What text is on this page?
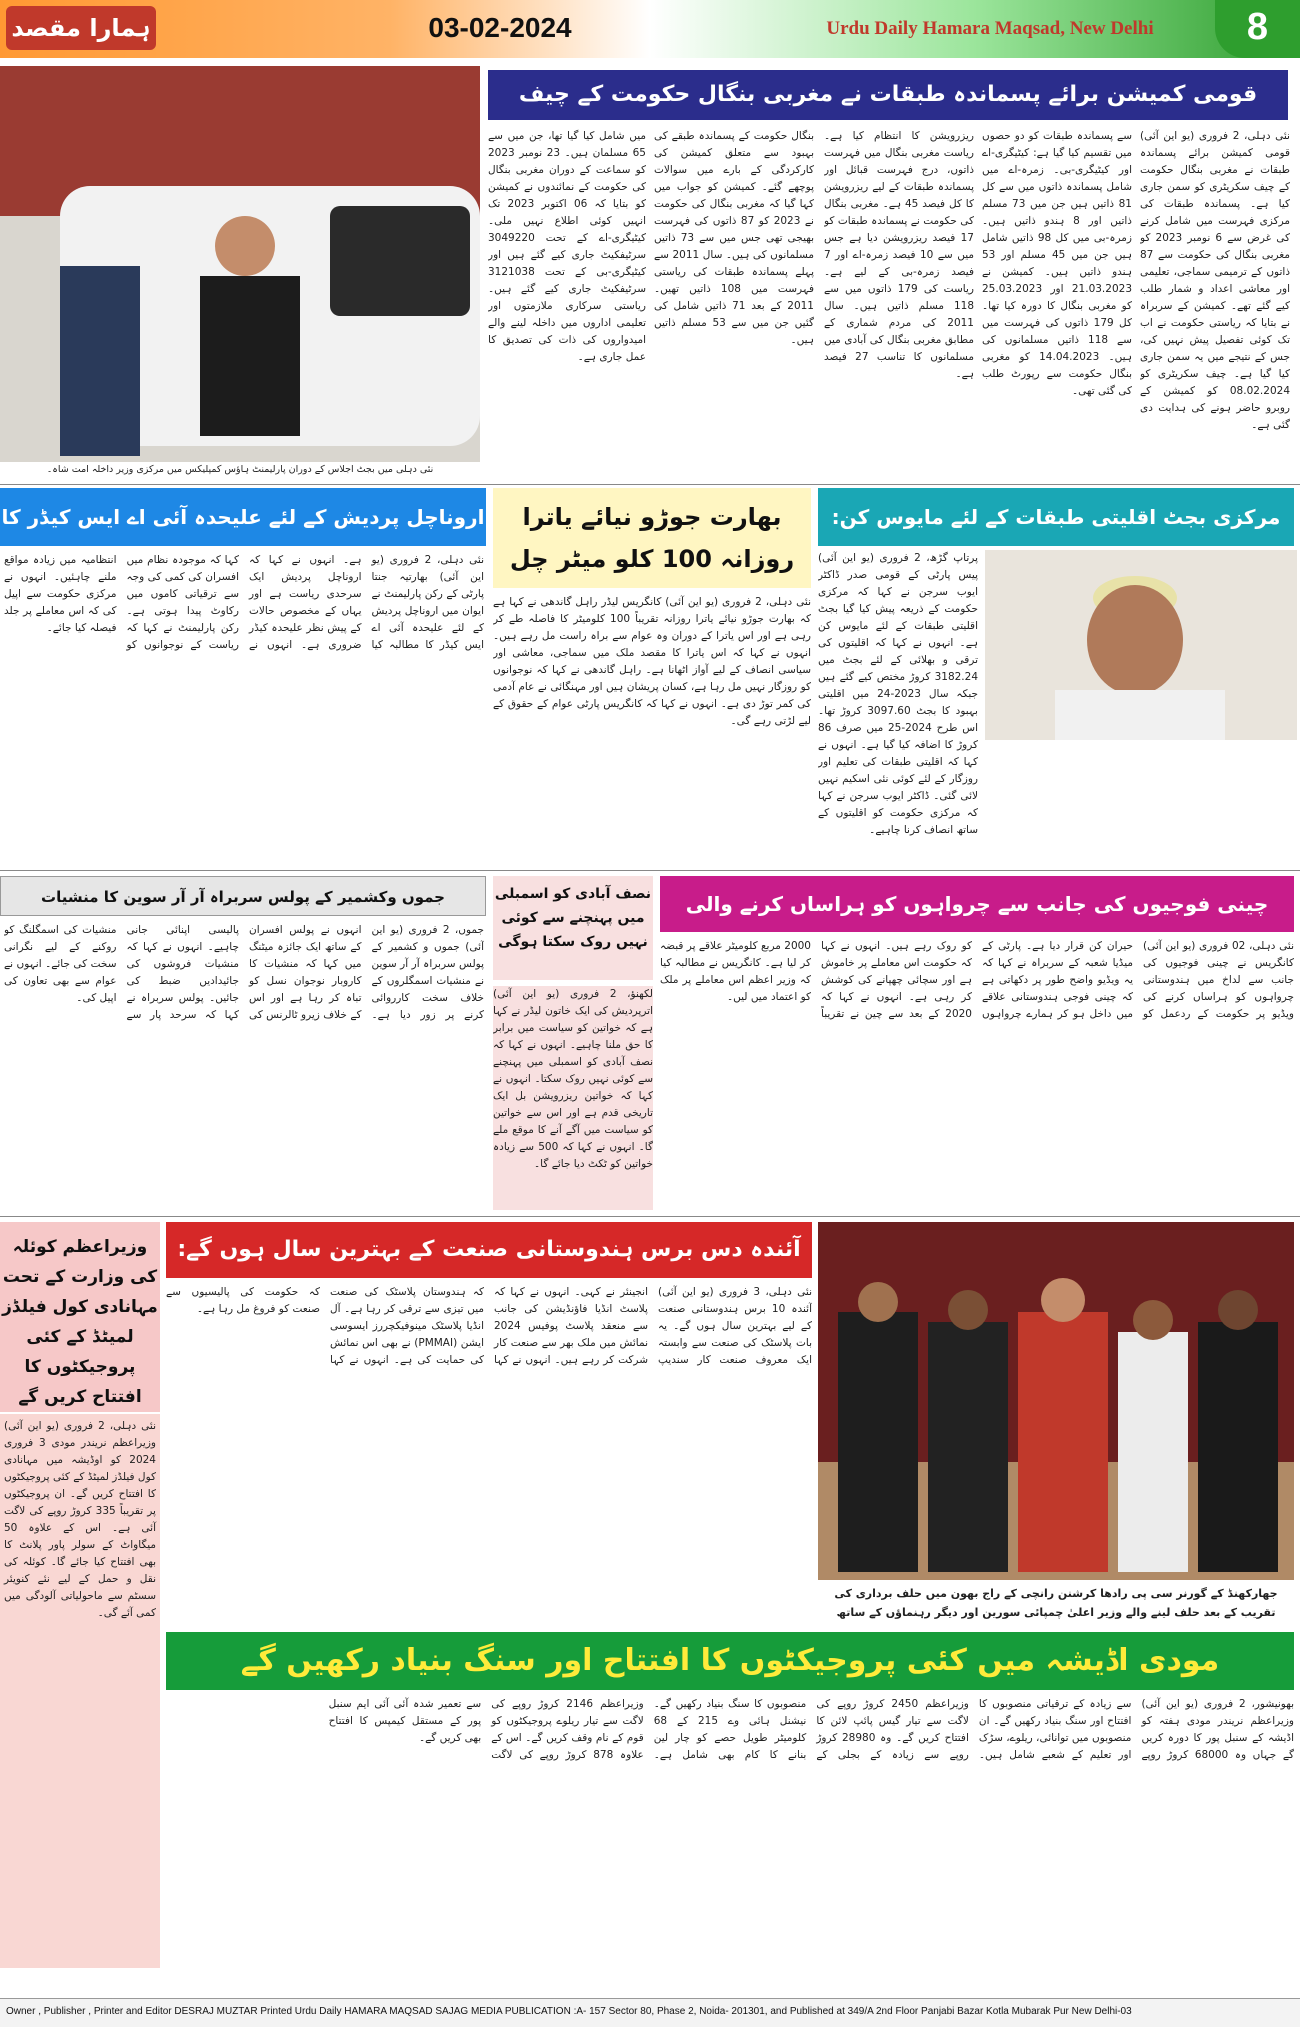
ہمارا مقصد	03-02-2024	Urdu Daily Hamara Maqsad, New Delhi	8
نئی دہلی میں بجٹ اجلاس کے دوران پارلیمنٹ ہاؤس کمپلیکس میں مرکزی وزیر داخلہ امت شاہ۔
قومی کمیشن برائے پسماندہ طبقات نے مغربی بنگال حکومت کے چیف
نئی دہلی، 2 فروری (یو این آئی) قومی کمیشن برائے پسماندہ طبقات نے مغربی بنگال حکومت کے چیف سکریٹری کو سمن جاری کیا ہے۔ پسماندہ طبقات کی مرکزی فہرست میں شامل کرنے کی غرض سے 6 نومبر 2023 کو مغربی بنگال کی حکومت سے 87 ذاتوں کے ترمیمی سماجی، تعلیمی اور معاشی اعداد و شمار طلب کیے گئے تھے۔ کمیشن کے سربراہ نے بتایا کہ ریاستی حکومت نے اب تک کوئی تفصیل پیش نہیں کی، جس کے نتیجے میں یہ سمن جاری کیا گیا ہے۔ چیف سکریٹری کو 08.02.2024 کو کمیشن کے روبرو حاضر ہونے کی ہدایت دی گئی ہے۔
سے پسماندہ طبقات کو دو حصوں میں تقسیم کیا گیا ہے: کیٹیگری-اے اور کیٹیگری-بی۔ زمرہ-اے میں شامل پسماندہ ذاتوں میں سے کل 81 ذاتیں ہیں جن میں 73 مسلم ذاتیں اور 8 ہندو ذاتیں ہیں۔ زمرہ-بی میں کل 98 ذاتیں شامل ہیں جن میں 45 مسلم اور 53 ہندو ذاتیں ہیں۔ کمیشن نے 21.03.2023 اور 25.03.2023 کو مغربی بنگال کا دورہ کیا تھا۔ کل 179 ذاتوں کی فہرست میں سے 118 ذاتیں مسلمانوں کی ہیں۔ 14.04.2023 کو مغربی بنگال حکومت سے رپورٹ طلب کی گئی تھی۔
ریزرویشن کا انتظام کیا ہے۔ ریاست مغربی بنگال میں فہرست ذاتوں، درج فہرست قبائل اور پسماندہ طبقات کے لیے ریزرویشن کا کل فیصد 45 ہے۔ مغربی بنگال کی حکومت نے پسماندہ طبقات کو 17 فیصد ریزرویشن دیا ہے جس میں سے 10 فیصد زمرہ-اے اور 7 فیصد زمرہ-بی کے لیے ہے۔ ریاست کی 179 ذاتوں میں سے 118 مسلم ذاتیں ہیں۔ سال 2011 کی مردم شماری کے مطابق مغربی بنگال کی آبادی میں مسلمانوں کا تناسب 27 فیصد ہے۔
بنگال حکومت کے پسماندہ طبقے کی بہبود سے متعلق کمیشن کی کارکردگی کے بارے میں سوالات پوچھے گئے۔ کمیشن کو جواب میں کہا گیا کہ مغربی بنگال کی حکومت نے 2023 کو 87 ذاتوں کی فہرست بھیجی تھی جس میں سے 73 ذاتیں مسلمانوں کی ہیں۔ سال 2011 سے پہلے پسماندہ طبقات کی ریاستی فہرست میں 108 ذاتیں تھیں۔ 2011 کے بعد 71 ذاتیں شامل کی گئیں جن میں سے 53 مسلم ذاتیں ہیں۔
میں شامل کیا گیا تھا، جن میں سے 65 مسلمان ہیں۔ 23 نومبر 2023 کو سماعت کے دوران مغربی بنگال کی حکومت کے نمائندوں نے کمیشن کو بتایا کہ 06 اکتوبر 2023 تک انہیں کوئی اطلاع نہیں ملی۔ کیٹیگری-اے کے تحت 3049220 سرٹیفکیٹ جاری کیے گئے ہیں اور کیٹیگری-بی کے تحت 3121038 سرٹیفکیٹ جاری کیے گئے ہیں۔ ریاستی سرکاری ملازمتوں اور تعلیمی اداروں میں داخلہ لینے والے امیدواروں کی ذات کی تصدیق کا عمل جاری ہے۔
مرکزی بجٹ اقلیتی طبقات کے لئے مایوس کن:
پرتاپ گڑھ، 2 فروری (یو این آئی) پیس پارٹی کے قومی صدر ڈاکٹر ایوب سرجن نے کہا کہ مرکزی حکومت کے ذریعہ پیش کیا گیا بجٹ اقلیتی طبقات کے لئے مایوس کن ہے۔ انہوں نے کہا کہ اقلیتوں کی ترقی و بھلائی کے لئے بجٹ میں 3182.24 کروڑ مختص کیے گئے ہیں جبکہ سال 2023-24 میں اقلیتی بہبود کا بجٹ 3097.60 کروڑ تھا۔ اس طرح 2024-25 میں صرف 86 کروڑ کا اضافہ کیا گیا ہے۔ انہوں نے کہا کہ اقلیتی طبقات کی تعلیم اور روزگار کے لئے کوئی نئی اسکیم نہیں لائی گئی۔ ڈاکٹر ایوب سرجن نے کہا کہ مرکزی حکومت کو اقلیتوں کے ساتھ انصاف کرنا چاہیے۔
بھارت جوڑو نیائے یاترا روزانہ 100 کلو میٹر چل
نئی دہلی، 2 فروری (یو این آئی) کانگریس لیڈر راہل گاندھی نے کہا ہے کہ بھارت جوڑو نیائے یاترا روزانہ تقریباً 100 کلومیٹر کا فاصلہ طے کر رہی ہے اور اس یاترا کے دوران وہ عوام سے براہ راست مل رہے ہیں۔ انہوں نے کہا کہ اس یاترا کا مقصد ملک میں سماجی، معاشی اور سیاسی انصاف کے لیے آواز اٹھانا ہے۔ راہل گاندھی نے کہا کہ نوجوانوں کو روزگار نہیں مل رہا ہے، کسان پریشان ہیں اور مہنگائی نے عام آدمی کی کمر توڑ دی ہے۔ انہوں نے کہا کہ کانگریس پارٹی عوام کے حقوق کے لیے لڑتی رہے گی۔
اروناچل پردیش کے لئے علیحدہ آئی اے ایس کیڈر کا
نئی دہلی، 2 فروری (یو این آئی) بھارتیہ جنتا پارٹی کے رکن پارلیمنٹ نے ایوان میں اروناچل پردیش کے لئے علیحدہ آئی اے ایس کیڈر کا مطالبہ کیا ہے۔ انہوں نے کہا کہ اروناچل پردیش ایک سرحدی ریاست ہے اور یہاں کے مخصوص حالات کے پیش نظر علیحدہ کیڈر ضروری ہے۔ انہوں نے کہا کہ موجودہ نظام میں افسران کی کمی کی وجہ سے ترقیاتی کاموں میں رکاوٹ پیدا ہوتی ہے۔ رکن پارلیمنٹ نے کہا کہ ریاست کے نوجوانوں کو انتظامیہ میں زیادہ مواقع ملنے چاہئیں۔ انہوں نے مرکزی حکومت سے اپیل کی کہ اس معاملے پر جلد فیصلہ کیا جائے۔
جموں وکشمیر کے پولس سربراہ آر آر سوین کا منشیات
جموں، 2 فروری (یو این آئی) جموں و کشمیر کے پولس سربراہ آر آر سوین نے منشیات اسمگلروں کے خلاف سخت کارروائی کرنے پر زور دیا ہے۔ انہوں نے پولس افسران کے ساتھ ایک جائزہ میٹنگ میں کہا کہ منشیات کا کاروبار نوجوان نسل کو تباہ کر رہا ہے اور اس کے خلاف زیرو ٹالرنس کی پالیسی اپنائی جانی چاہیے۔ انہوں نے کہا کہ منشیات فروشوں کی جائیدادیں ضبط کی جائیں۔ پولس سربراہ نے کہا کہ سرحد پار سے منشیات کی اسمگلنگ کو روکنے کے لیے نگرانی سخت کی جائے۔ انہوں نے عوام سے بھی تعاون کی اپیل کی۔
نصف آبادی کو اسمبلی میں پہنچنے سے کوئی نہیں روک سکتا ہوگی
لکھنؤ، 2 فروری (یو این آئی) اترپردیش کی ایک خاتون لیڈر نے کہا ہے کہ خواتین کو سیاست میں برابر کا حق ملنا چاہیے۔ انہوں نے کہا کہ نصف آبادی کو اسمبلی میں پہنچنے سے کوئی نہیں روک سکتا۔ انہوں نے کہا کہ خواتین ریزرویشن بل ایک تاریخی قدم ہے اور اس سے خواتین کو سیاست میں آگے آنے کا موقع ملے گا۔ انہوں نے کہا کہ 500 سے زیادہ خواتین کو ٹکٹ دیا جائے گا۔
چینی فوجیوں کی جانب سے چرواہوں کو ہراساں کرنے والی
نئی دہلی، 02 فروری (یو این آئی) کانگریس نے چینی فوجیوں کی جانب سے لداخ میں ہندوستانی چرواہوں کو ہراساں کرنے کی ویڈیو پر حکومت کے ردعمل کو حیران کن قرار دیا ہے۔ پارٹی کے میڈیا شعبہ کے سربراہ نے کہا کہ یہ ویڈیو واضح طور پر دکھاتی ہے کہ چینی فوجی ہندوستانی علاقے میں داخل ہو کر ہمارے چرواہوں کو روک رہے ہیں۔ انہوں نے کہا کہ حکومت اس معاملے پر خاموش ہے اور سچائی چھپانے کی کوشش کر رہی ہے۔ انہوں نے کہا کہ 2020 کے بعد سے چین نے تقریباً 2000 مربع کلومیٹر علاقے پر قبضہ کر لیا ہے۔ کانگریس نے مطالبہ کیا کہ وزیر اعظم اس معاملے پر ملک کو اعتماد میں لیں۔
وزیراعظم کوئلہ کی وزارت کے تحت مہانادی کول فیلڈز لمیٹڈ کے کئی پروجیکٹوں کا افتتاح کریں گے
نئی دہلی، 2 فروری (یو این آئی) وزیراعظم نریندر مودی 3 فروری 2024 کو اوڈیشہ میں مہانادی کول فیلڈز لمیٹڈ کے کئی پروجیکٹوں کا افتتاح کریں گے۔ ان پروجیکٹوں پر تقریباً 335 کروڑ روپے کی لاگت آئی ہے۔ اس کے علاوہ 50 میگاواٹ کے سولر پاور پلانٹ کا بھی افتتاح کیا جائے گا۔ کوئلہ کی نقل و حمل کے لیے نئے کنویئر سسٹم سے ماحولیاتی آلودگی میں کمی آئے گی۔
آئندہ دس برس ہندوستانی صنعت کے بہترین سال ہوں گے:
نئی دہلی، 3 فروری (یو این آئی) آئندہ 10 برس ہندوستانی صنعت کے لیے بہترین سال ہوں گے۔ یہ بات پلاسٹک کی صنعت سے وابستہ ایک معروف صنعت کار سندیپ انجینئر نے کہی۔ انہوں نے کہا کہ پلاسٹ انڈیا فاؤنڈیشن کی جانب سے منعقد پلاسٹ پوفیس 2024 نمائش میں ملک بھر سے صنعت کار شرکت کر رہے ہیں۔ انہوں نے کہا کہ ہندوستان پلاسٹک کی صنعت میں تیزی سے ترقی کر رہا ہے۔ آل انڈیا پلاسٹک مینوفیکچررز ایسوسی ایشن (PMMAI) نے بھی اس نمائش کی حمایت کی ہے۔ انہوں نے کہا کہ حکومت کی پالیسیوں سے صنعت کو فروغ مل رہا ہے۔
جھارکھنڈ کے گورنر سی پی رادھا کرشنن رانچی کے راج بھون میں حلف برداری کی تقریب کے بعد حلف لینے والے وزیر اعلیٰ چمپائی سورین اور دیگر رہنماؤں کے ساتھ
مودی اڈیشہ میں کئی پروجیکٹوں کا افتتاح اور سنگ بنیاد رکھیں گے
بھونیشور، 2 فروری (یو این آئی) وزیراعظم نریندر مودی ہفتہ کو اڈیشہ کے سنبل پور کا دورہ کریں گے جہاں وہ 68000 کروڑ روپے سے زیادہ کے ترقیاتی منصوبوں کا افتتاح اور سنگ بنیاد رکھیں گے۔ ان منصوبوں میں توانائی، ریلوے، سڑک اور تعلیم کے شعبے شامل ہیں۔ وزیراعظم 2450 کروڑ روپے کی لاگت سے تیار گیس پائپ لائن کا افتتاح کریں گے۔ وہ 28980 کروڑ روپے سے زیادہ کے بجلی کے منصوبوں کا سنگ بنیاد رکھیں گے۔ نیشنل ہائی وے 215 کے 68 کلومیٹر طویل حصے کو چار لین بنانے کا کام بھی شامل ہے۔ وزیراعظم 2146 کروڑ روپے کی لاگت سے تیار ریلوے پروجیکٹوں کو قوم کے نام وقف کریں گے۔ اس کے علاوہ 878 کروڑ روپے کی لاگت سے تعمیر شدہ آئی آئی ایم سنبل پور کے مستقل کیمپس کا افتتاح بھی کریں گے۔
Owner , Publisher , Printer and Editor DESRAJ MUZTAR Printed Urdu Daily HAMARA MAQSAD SAJAG MEDIA PUBLICATION :A- 157 Sector 80, Phase 2, Noida- 201301, and Published at 349/A 2nd Floor Panjabi Bazar Kotla Mubarak Pur New Delhi-03
